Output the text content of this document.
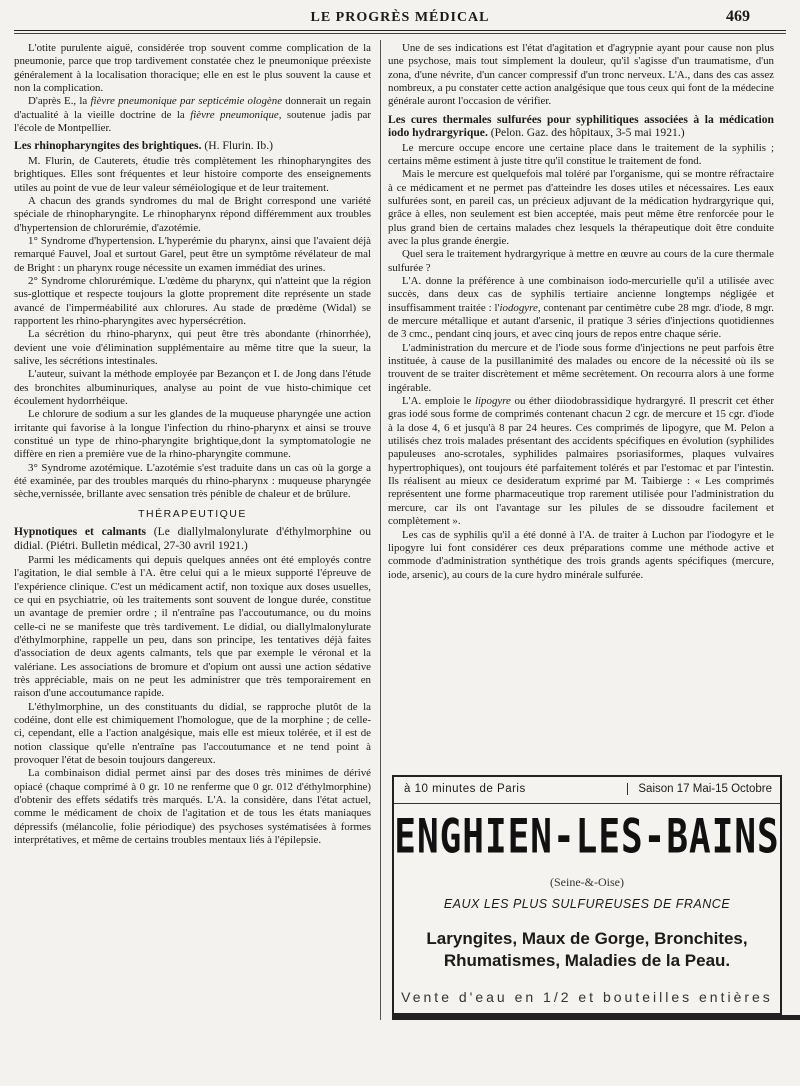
LE PROGRÈS MÉDICAL	469

L'otite purulente aiguë, considérée trop souvent comme complication de la pneumonie, parce que trop tardivement constatée chez le pneumonique préexiste généralement à la localisation thoracique; elle en est le plus souvent la cause et non la complication.

D'après E., la fièvre pneumonique par septicémie ologène donnerait un regain d'actualité à la vieille doctrine de la fièvre pneumonique, soutenue jadis par l'école de Montpellier.

Les rhinopharyngites des brightiques. (H. Flurin. Ib.)

M. Flurin, de Cauterets, étudie très complètement les rhinopharyngites des brightiques. Elles sont fréquentes et leur histoire comporte des enseignements utiles au point de vue de leur valeur séméiologique et de leur traitement.

A chacun des grands syndromes du mal de Bright correspond une variété spéciale de rhinopharyngite. Le rhinopharynx répond différemment aux troubles d'hypertension de chlorurémie, d'azotémie.

1° Syndrome d'hypertension. L'hyperémie du pharynx, ainsi que l'avaient déjà remarqué Fauvel, Joal et surtout Garel, peut être un symptôme révélateur de mal de Bright : un pharynx rouge nécessite un examen immédiat des urines.

2° Syndrome chlorurémique. L'œdème du pharynx, qui n'atteint que la région sus-glottique et respecte toujours la glotte proprement dite représente un stade avancé de l'imperméabilité aux chlorures. Au stade de prœdème (Widal) se rapportent les rhino-pharyngites avec hypersécrétion.

La sécrétion du rhino-pharynx, qui peut être très abondante (rhinorrhée), devient une voie d'élimination supplémentaire au même titre que la sueur, la salive, les sécrétions intestinales.

L'auteur, suivant la méthode employée par Bezançon et I. de Jong dans l'étude des bronchites albuminuriques, analyse au point de vue histo-chimique cet écoulement hydorrhéique.

Le chlorure de sodium a sur les glandes de la muqueuse pharyngée une action irritante qui favorise à la longue l'infection du rhino-pharynx et ainsi se trouve constitué un type de rhino-pharyngite brightique,dont la symptomatologie ne diffère en rien a première vue de la rhino-pharyngite commune.

3° Syndrome azotémique. L'azotémie s'est traduite dans un cas où la gorge a été examinée, par des troubles marqués du rhino-pharynx : muqueuse pharyngée sèche,vernissée, brillante avec sensation très pénible de chaleur et de brûlure.

THÉRAPEUTIQUE
Hypnotiques et calmants (Le diallylmalonylurate d'éthylmorphine ou didial. (Piétri. Bulletin médical, 27-30 avril 1921.)

Parmi les médicaments qui depuis quelques années ont été employés contre l'agitation, le dial semble à l'A. être celui qui a le mieux supporté l'épreuve de l'expérience clinique. C'est un médicament actif, non toxique aux doses usuelles, ce qui en psychiatrie, où les traitements sont souvent de longue durée, constitue un avantage de premier ordre ; il n'entraîne pas l'accoutumance, ou du moins celle-ci ne se manifeste que très tardivement. Le didial, ou diallylmalonylurate d'éthylmorphine, rappelle un peu, dans son principe, les tentatives déjà faites d'association de deux agents calmants, tels que par exemple le véronal et la valériane. Les associations de bromure et d'opium ont aussi une action sédative très appréciable, mais on ne peut les administrer que très temporairement en raison d'une accoutumance rapide.

L'éthylmorphine, un des constituants du didial, se rapproche plutôt de la codéine, dont elle est chimiquement l'homologue, que de la morphine ; de celle-ci, cependant, elle a l'action analgésique, mais elle est mieux tolérée, et il est de notion classique qu'elle n'entraîne pas l'accoutumance et ne tend point à provoquer l'état de besoin toujours dangereux.

La combinaison didial permet ainsi par des doses très minimes de dérivé opiacé (chaque comprimé à 0 gr. 10 ne renferme que 0 gr. 012 d'éthylmorphine) d'obtenir des effets sédatifs très marqués. L'A. la considère, dans l'état actuel, comme le médicament de choix de l'agitation et de tous les états maniaques dépressifs (mélancolie, folie périodique) des psychoses systématisées à formes interprétatives, et même de certains troubles mentaux liés à l'épilepsie.

Une de ses indications est l'état d'agitation et d'agrypnie ayant pour cause non plus une psychose, mais tout simplement la douleur, qu'il s'agisse d'un traumatisme, d'un zona, d'une névrite, d'un cancer compressif d'un tronc nerveux. L'A., dans des cas assez nombreux, a pu constater cette action analgésique que tous ceux qui font de la médecine générale auront l'occasion de vérifier.

Les cures thermales sulfurées pour syphilitiques associées à la médication iodo hydrargyrique. (Pelon. Gaz. des hôpitaux, 3-5 mai 1921.)

Le mercure occupe encore une certaine place dans le traitement de la syphilis ; certains même estiment à juste titre qu'il constitue le traitement de fond.

Mais le mercure est quelquefois mal toléré par l'organisme, qui se montre réfractaire à ce médicament et ne permet pas d'atteindre les doses utiles et nécessaires. Les eaux sulfurées sont, en pareil cas, un précieux adjuvant de la médication hydrargyrique qui, grâce à elles, non seulement est bien acceptée, mais peut même être renforcée pour le plus grand bien de certains malades chez lesquels la thérapeutique doit être conduite avec la plus grande énergie.

Quel sera le traitement hydrargyrique à mettre en œuvre au cours de la cure thermale sulfurée ?

L'A. donne la préférence à une combinaison iodo-mercurielle qu'il a utilisée avec succès, dans deux cas de syphilis tertiaire ancienne longtemps négligée et insuffisamment traitée : l'iodogyre, contenant par centimètre cube 28 mgr. d'iode, 8 mgr. de mercure métallique et autant d'arsenic, il pratique 3 séries d'injections quotidiennes de 3 cmc., pendant cinq jours, et avec cinq jours de repos entre chaque série.

L'administration du mercure et de l'iode sous forme d'injections ne peut parfois être instituée, à cause de la pusillanimité des malades ou encore de la nécessité où ils se trouvent de se traiter discrètement et même secrètement. On recourra alors à une forme ingérable.

L'A. emploie le lipogyre ou éther diiodobrassidique hydrargyré. Il prescrit cet éther gras iodé sous forme de comprimés contenant chacun 2 cgr. de mercure et 15 cgr. d'iode à la dose 4, 6 et jusqu'à 8 par 24 heures. Ces comprimés de lipogyre, que M. Pelon a utilisés chez trois malades présentant des accidents spécifiques en évolution (syphilides papuleuses ano-scrotales, syphilides palmaires psoriasiformes, plaques vulvaires hypertrophiques), ont toujours été parfaitement tolérés et par l'estomac et par l'intestin. Ils réalisent au mieux ce desideratum exprimé par M. Taibierge : « Les comprimés représentent une forme pharmaceutique trop rarement utilisée pour l'administration du mercure, car ils ont l'avantage sur les pilules de se dissoudre facilement et complètement ».

Les cas de syphilis qu'il a été donné à l'A. de traiter à Luchon par l'iodogyre et le lipogyre lui font considérer ces deux préparations comme une méthode active et commode d'administration synthétique des trois grands agents spécifiques (mercure, iode, arsenic), au cours de la cure hydro minérale sulfurée.

à 10 minutes de Paris	Saison 17 Mai-15 Octobre
ENGHIEN-LES-BAINS
(Seine-&-Oise)
EAUX LES PLUS SULFUREUSES DE FRANCE
Laryngites, Maux de Gorge, Bronchites,
Rhumatismes, Maladies de la Peau.
Vente d'eau en 1/2 et bouteilles entières
